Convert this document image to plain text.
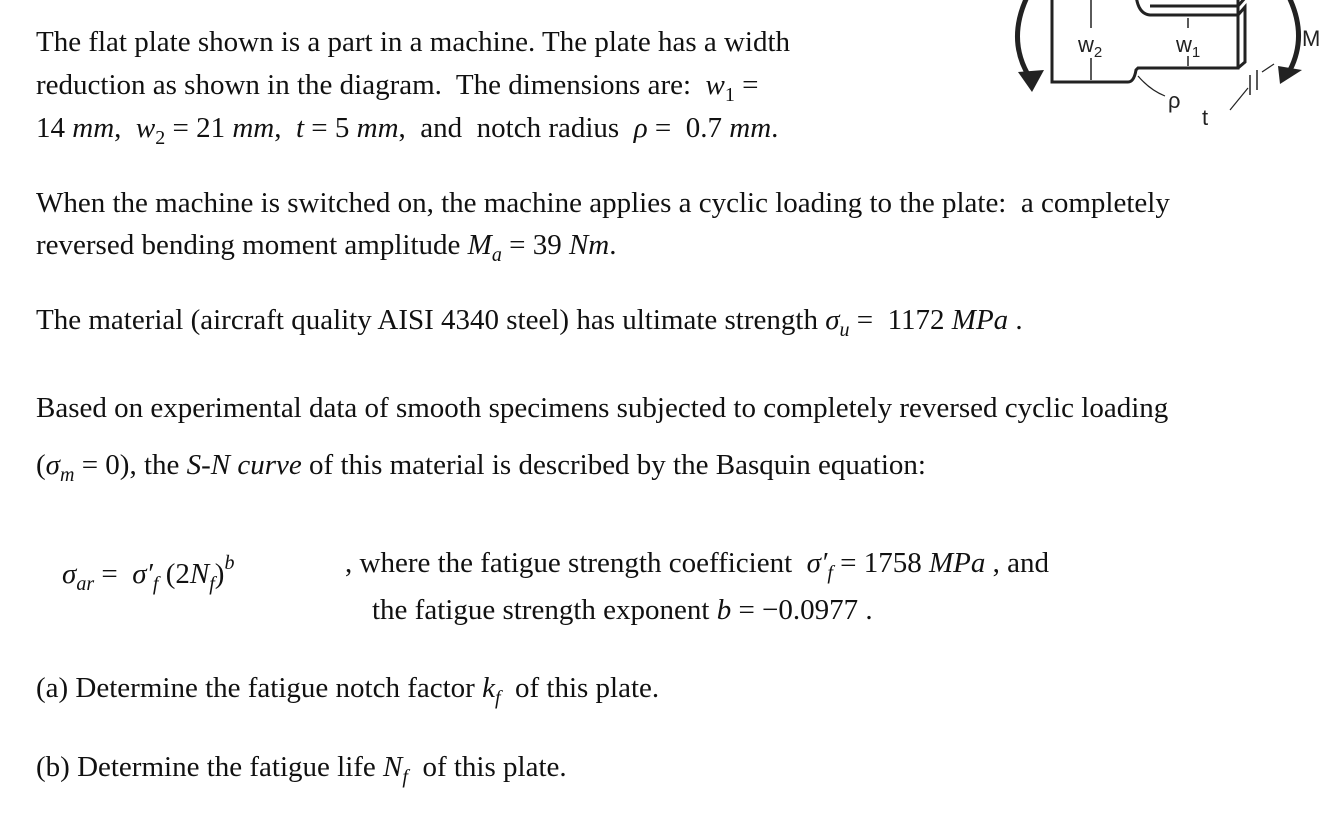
$w_2$	$w_1$
ρ
t
M
The flat plate shown is a part in a machine. The plate has a width
reduction as shown in the diagram.  The dimensions are:  $w_1$ =
14 mm,  $w_2 = 21$ mm,  t = 5 mm,  and  notch radius  ρ =  0.7 mm.
When the machine is switched on, the machine applies a cyclic loading to the plate:  a completely
reversed bending moment amplitude $M_a = 39$ Nm.
The material (aircraft quality AISI 4340 steel) has ultimate strength $\sigma_u = 1172$ MPa .
Based on experimental data of smooth specimens subjected to completely reversed cyclic loading
$(\sigma_m = 0)$, the S-N curve of this material is described by the Basquin equation:
$\sigma_{ar} = \sigma'_f$ $(2N_f)^b$	, where the fatigue strength coefficient  $\sigma'_f = 1758$ MPa , and
the fatigue strength exponent b = −0.0977 .
(a) Determine the fatigue notch factor $k_f$  of this plate.
(b) Determine the fatigue life $N_f$  of this plate.
